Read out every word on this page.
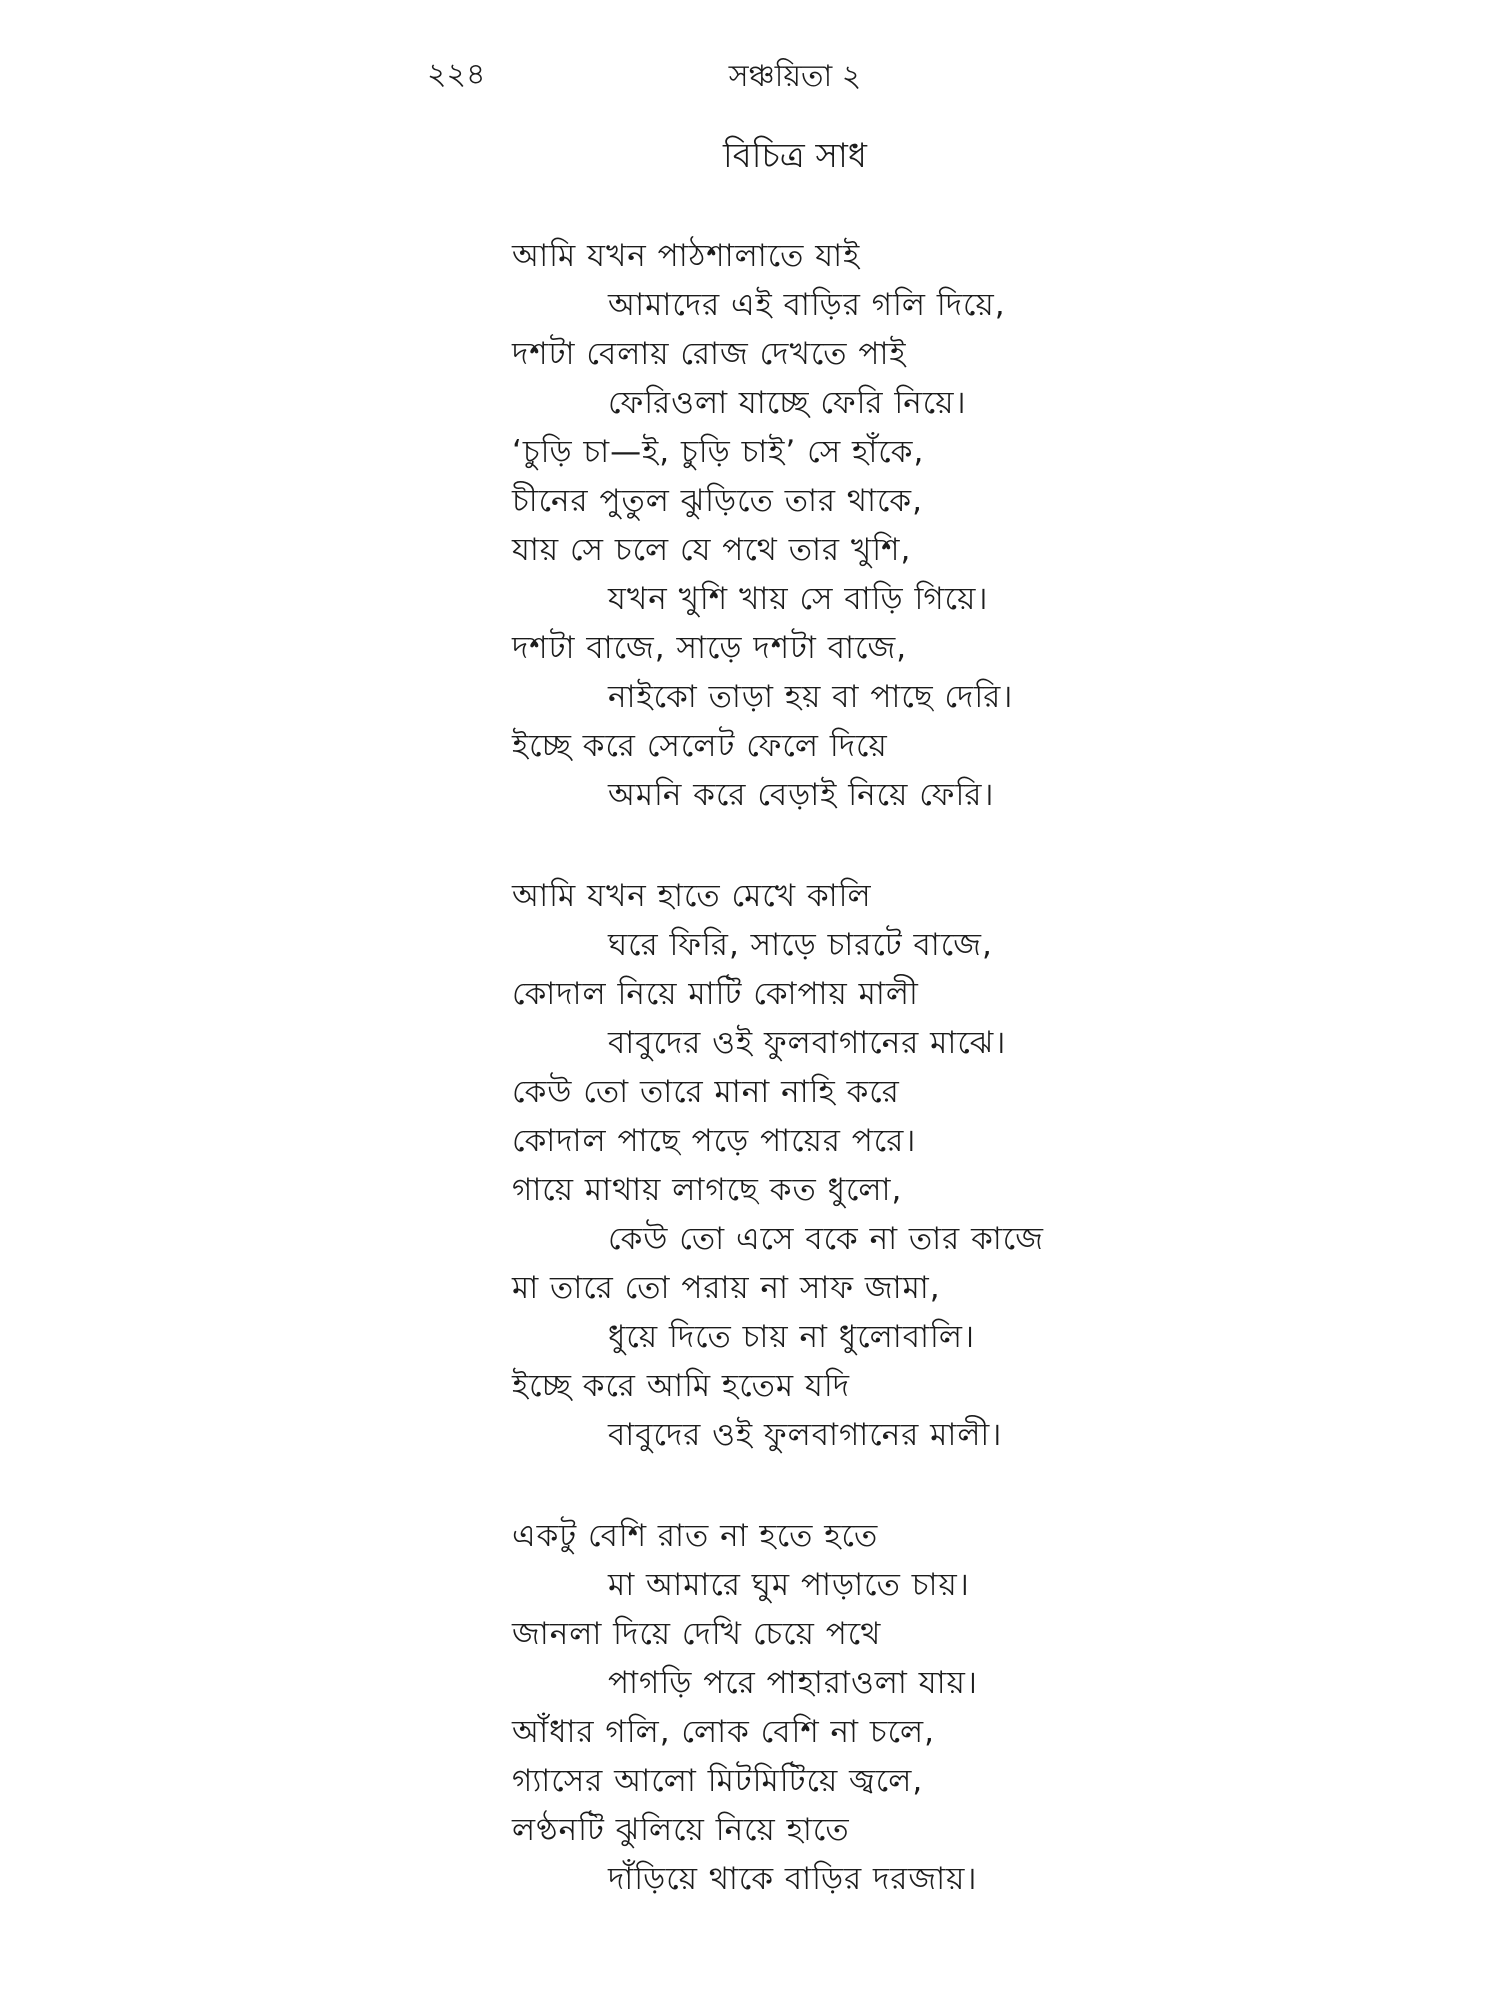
২২৪	সঞ্চয়িতা ২
বিচিত্র সাধ
আমি যখন পাঠশালাতে যাই
আমাদের এই বাড়ির গলি দিয়ে,
দশটা বেলায় রোজ দেখতে পাই
ফেরিওলা যাচ্ছে ফেরি নিয়ে।
‘চুড়ি চা—ই, চুড়ি চাই’ সে হাঁকে,
চীনের পুতুল ঝুড়িতে তার থাকে,
যায় সে চলে যে পথে তার খুশি,
যখন খুশি খায় সে বাড়ি গিয়ে।
দশটা বাজে, সাড়ে দশটা বাজে,
নাইকো তাড়া হয় বা পাছে দেরি।
ইচ্ছে করে সেলেট ফেলে দিয়ে
অমনি করে বেড়াই নিয়ে ফেরি।
আমি যখন হাতে মেখে কালি
ঘরে ফিরি, সাড়ে চারটে বাজে,
কোদাল নিয়ে মাটি কোপায় মালী
বাবুদের ওই ফুলবাগানের মাঝে।
কেউ তো তারে মানা নাহি করে
কোদাল পাছে পড়ে পায়ের পরে।
গায়ে মাথায় লাগছে কত ধুলো,
কেউ তো এসে বকে না তার কাজে
মা তারে তো পরায় না সাফ জামা,
ধুয়ে দিতে চায় না ধুলোবালি।
ইচ্ছে করে আমি হতেম যদি
বাবুদের ওই ফুলবাগানের মালী।
একটু বেশি রাত না হতে হতে
মা আমারে ঘুম পাড়াতে চায়।
জানলা দিয়ে দেখি চেয়ে পথে
পাগড়ি পরে পাহারাওলা যায়।
আঁধার গলি, লোক বেশি না চলে,
গ্যাসের আলো মিটমিটিয়ে জ্বলে,
লণ্ঠনটি ঝুলিয়ে নিয়ে হাতে
দাঁড়িয়ে থাকে বাড়ির দরজায়।
